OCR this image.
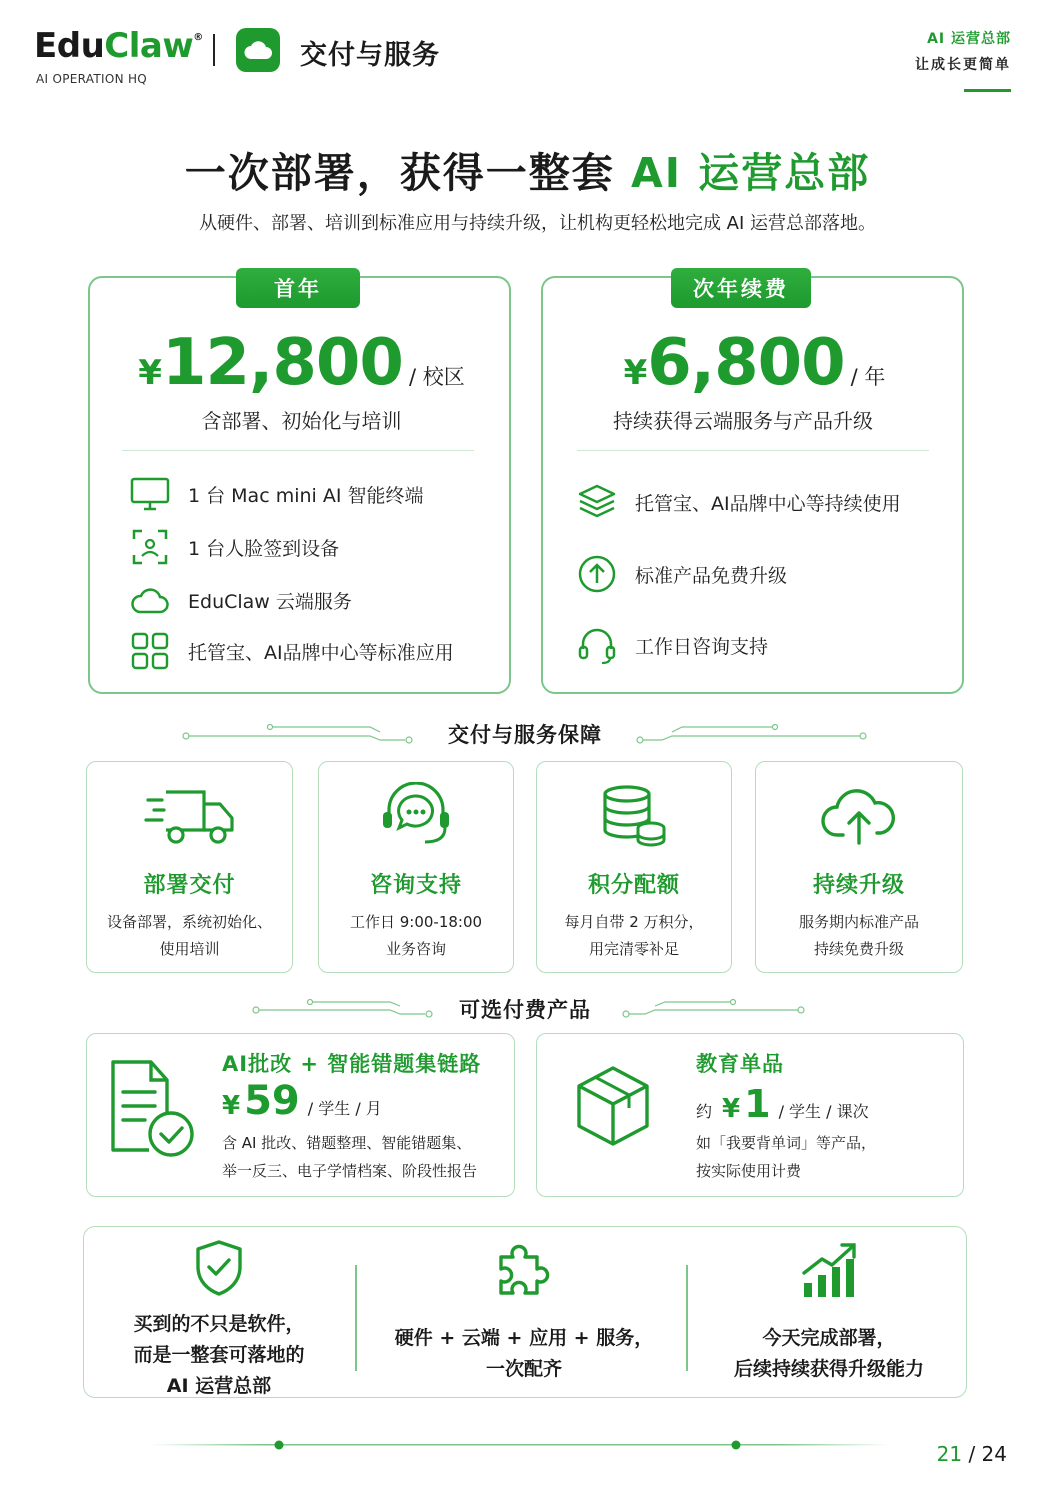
EduClaw®
AI OPERATION HQ
交付与服务
AI 运营总部
让成长更简单
一次部署，获得一整套 AI 运营总部
从硬件、部署、培训到标准应用与持续升级，让机构更轻松地完成 AI 运营总部落地。
首年
¥12,800 / 校区
含部署、初始化与培训
1 台 Mac mini AI 智能终端
1 台人脸签到设备
EduClaw 云端服务
托管宝、AI品牌中心等标准应用
次年续费
¥6,800 / 年
持续获得云端服务与产品升级
托管宝、AI品牌中心等持续使用
标准产品免费升级
工作日咨询支持
交付与服务保障
部署交付
设备部署，系统初始化、
使用培训
咨询支持
工作日 9:00-18:00
业务咨询
积分配额
每月自带 2 万积分，
用完清零补足
持续升级
服务期内标准产品
持续免费升级
可选付费产品
AI批改 + 智能错题集链路
¥ 59 / 学生 / 月
含 AI 批改、错题整理、智能错题集、
举一反三、电子学情档案、阶段性报告
教育单品
约 ¥ 1 / 学生 / 课次
如「我要背单词」等产品，
按实际使用计费
买到的不只是软件，
而是一整套可落地的
AI 运营总部
硬件 + 云端 + 应用 + 服务，
一次配齐
今天完成部署，
后续持续获得升级能力
21 / 24
